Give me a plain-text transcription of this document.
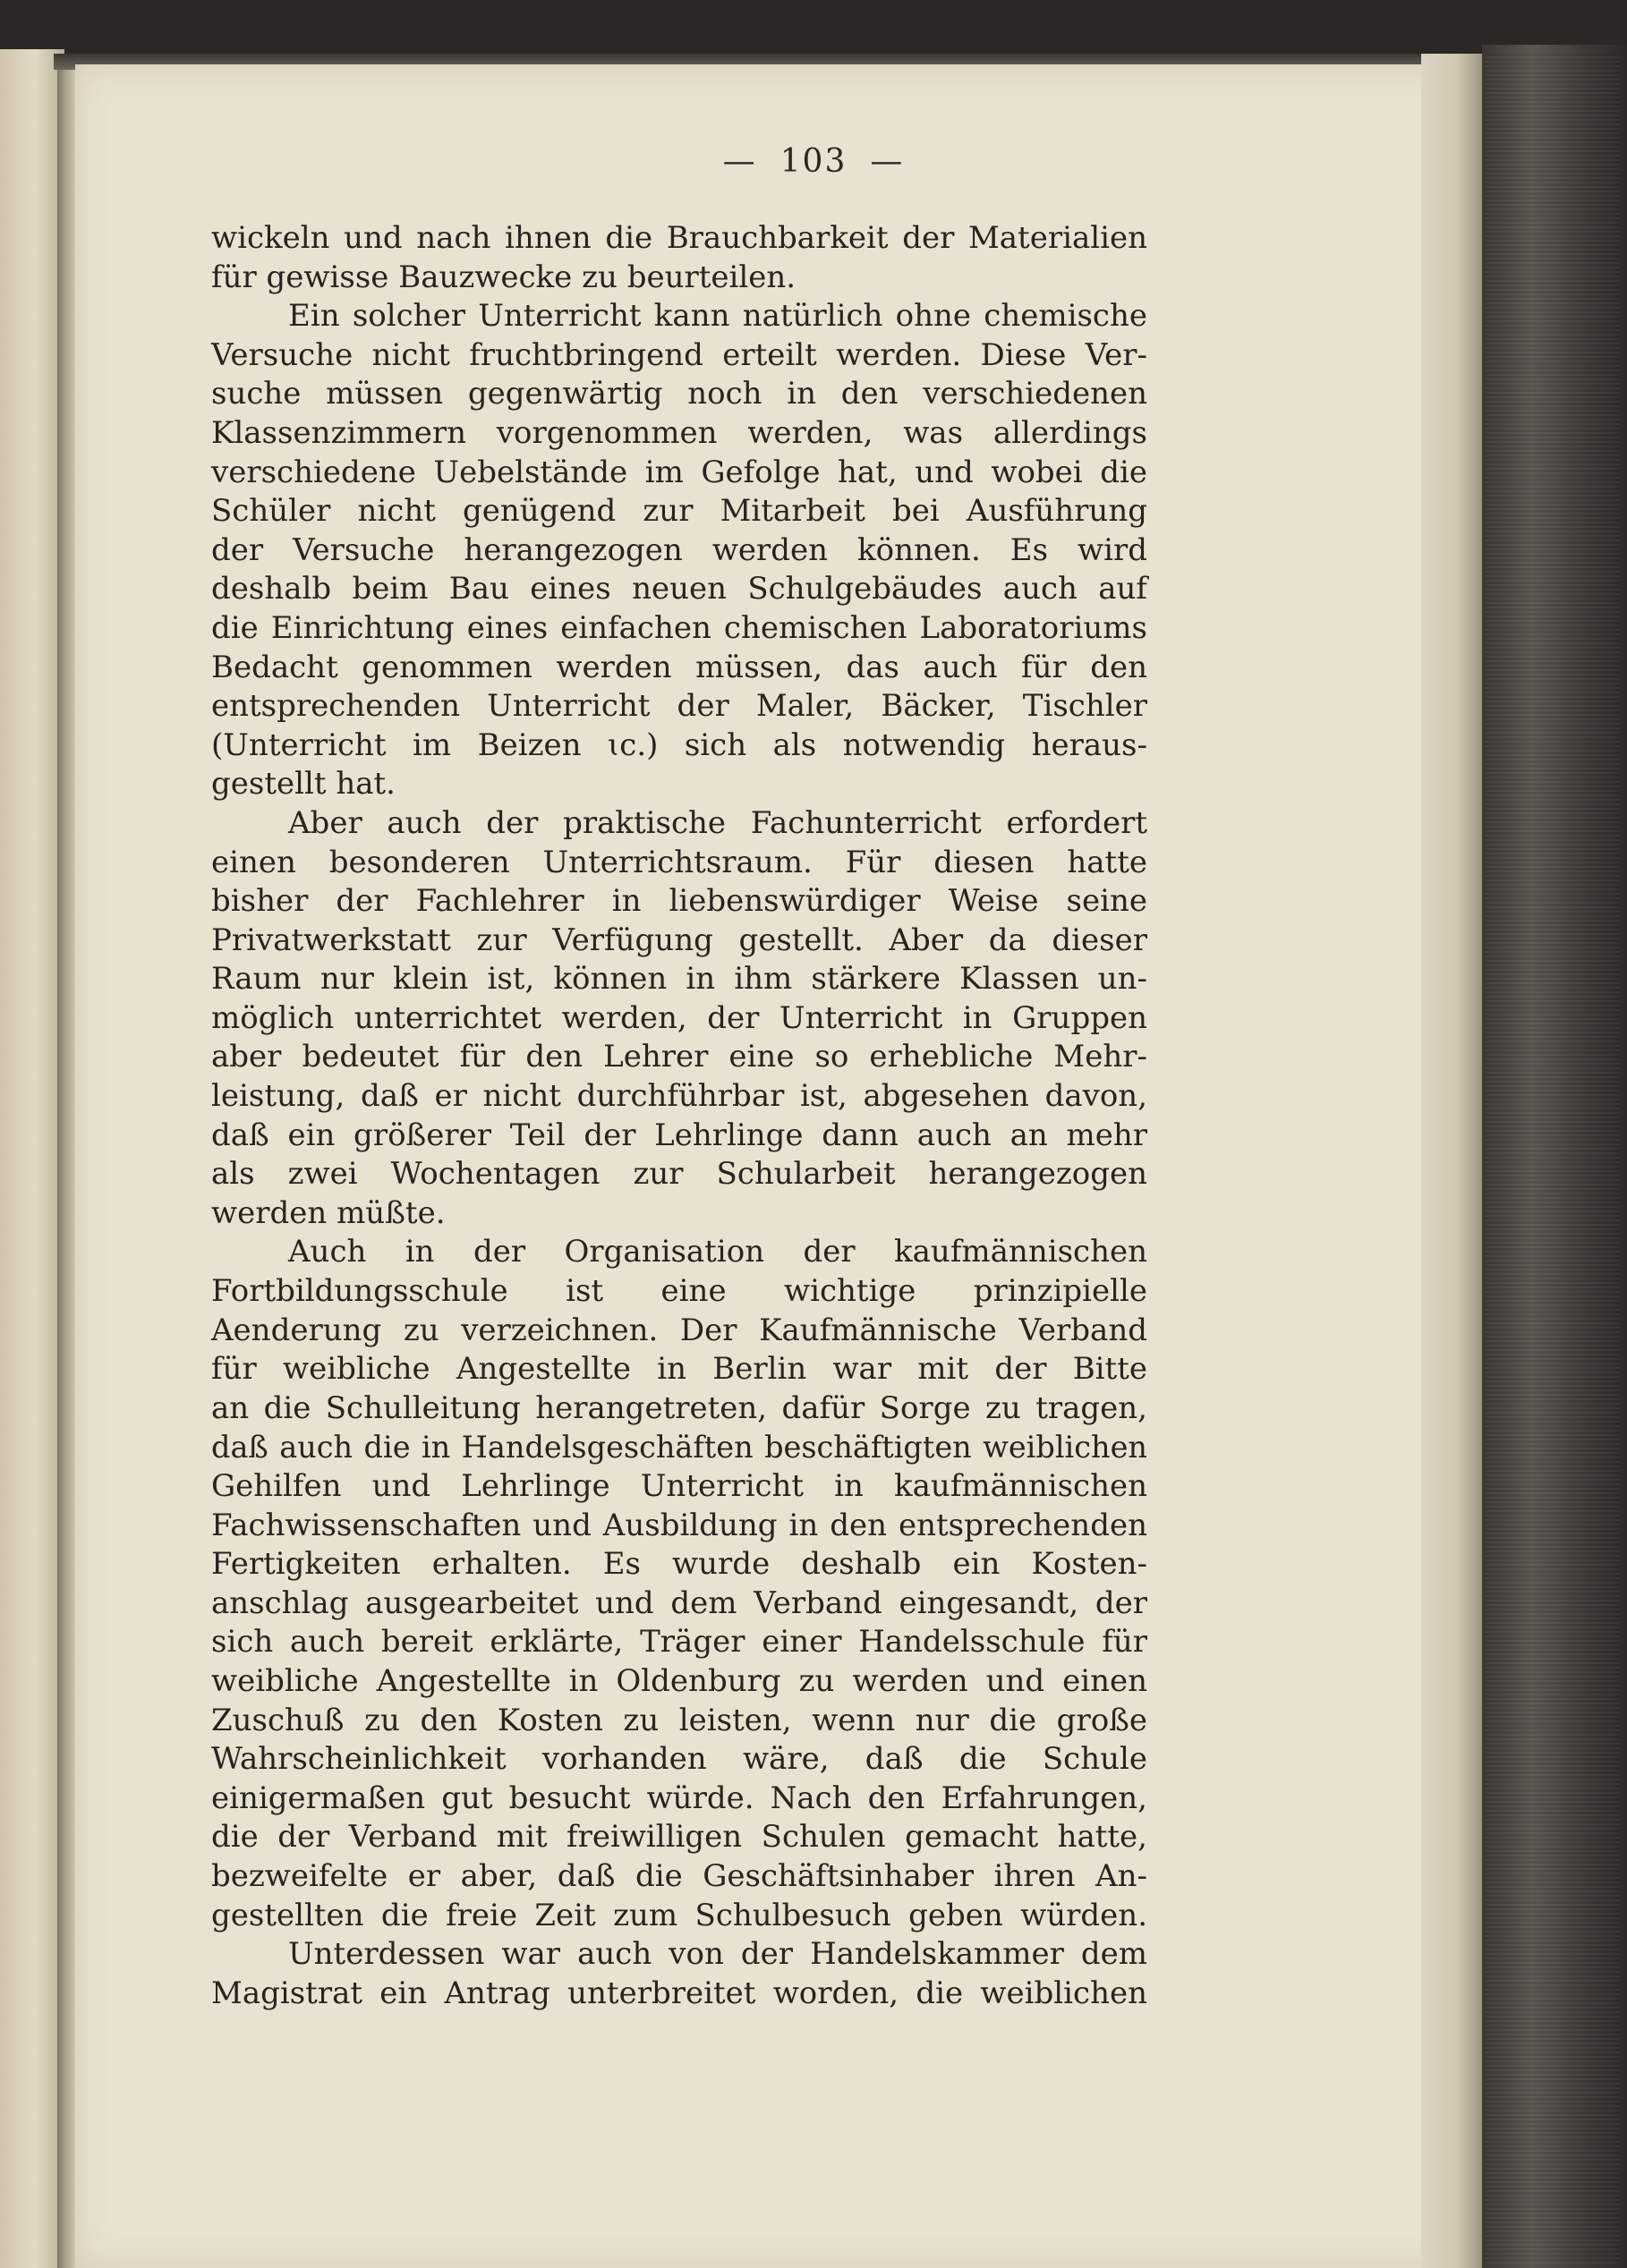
— 103 —
wickeln und nach ihnen die Brauchbarkeit der Materialien
für gewisse Bauzwecke zu beurteilen.
Ein solcher Unterricht kann natürlich ohne chemische
Versuche nicht fruchtbringend erteilt werden. Diese Ver-
suche müssen gegenwärtig noch in den verschiedenen
Klassenzimmern vorgenommen werden, was allerdings
verschiedene Uebelstände im Gefolge hat, und wobei die
Schüler nicht genügend zur Mitarbeit bei Ausführung
der Versuche herangezogen werden können. Es wird
deshalb beim Bau eines neuen Schulgebäudes auch auf
die Einrichtung eines einfachen chemischen Laboratoriums
Bedacht genommen werden müssen, das auch für den
entsprechenden Unterricht der Maler, Bäcker, Tischler
(Unterricht im Beizen ɩc.) sich als notwendig heraus-
gestellt hat.
Aber auch der praktische Fachunterricht erfordert
einen besonderen Unterrichtsraum. Für diesen hatte
bisher der Fachlehrer in liebenswürdiger Weise seine
Privatwerkstatt zur Verfügung gestellt. Aber da dieser
Raum nur klein ist, können in ihm stärkere Klassen un-
möglich unterrichtet werden, der Unterricht in Gruppen
aber bedeutet für den Lehrer eine so erhebliche Mehr-
leistung, daß er nicht durchführbar ist, abgesehen davon,
daß ein größerer Teil der Lehrlinge dann auch an mehr
als zwei Wochentagen zur Schularbeit herangezogen
werden müßte.
Auch in der Organisation der kaufmännischen
Fortbildungsschule ist eine wichtige prinzipielle
Aenderung zu verzeichnen. Der Kaufmännische Verband
für weibliche Angestellte in Berlin war mit der Bitte
an die Schulleitung herangetreten, dafür Sorge zu tragen,
daß auch die in Handelsgeschäften beschäftigten weiblichen
Gehilfen und Lehrlinge Unterricht in kaufmännischen
Fachwissenschaften und Ausbildung in den entsprechenden
Fertigkeiten erhalten. Es wurde deshalb ein Kosten-
anschlag ausgearbeitet und dem Verband eingesandt, der
sich auch bereit erklärte, Träger einer Handelsschule für
weibliche Angestellte in Oldenburg zu werden und einen
Zuschuß zu den Kosten zu leisten, wenn nur die große
Wahrscheinlichkeit vorhanden wäre, daß die Schule
einigermaßen gut besucht würde. Nach den Erfahrungen,
die der Verband mit freiwilligen Schulen gemacht hatte,
bezweifelte er aber, daß die Geschäftsinhaber ihren An-
gestellten die freie Zeit zum Schulbesuch geben würden.
Unterdessen war auch von der Handelskammer dem
Magistrat ein Antrag unterbreitet worden, die weiblichen
